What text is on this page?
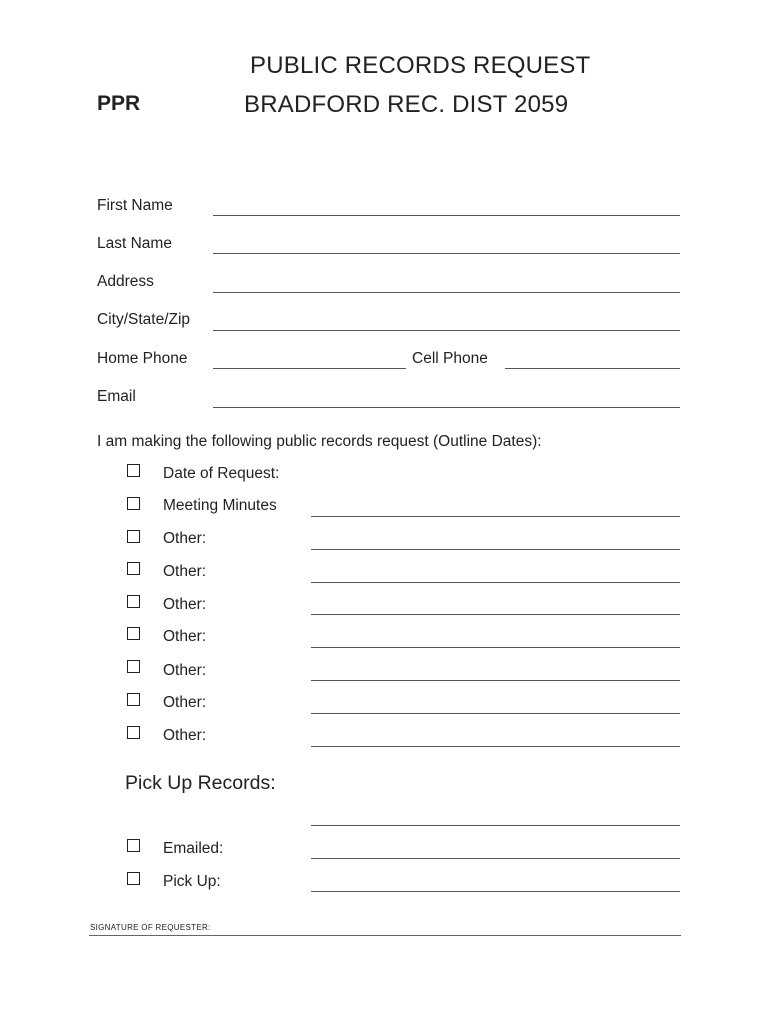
PUBLIC RECORDS REQUEST
PPR	BRADFORD REC. DIST 2059
First Name
Last Name
Address
City/State/Zip
Home Phone	Cell Phone
Email
I am making the following public records request (Outline Dates):
Date of Request:
Meeting Minutes
Other:
Other:
Other:
Other:
Other:
Other:
Other:
Pick Up Records:
Emailed:
Pick Up:
SIGNATURE OF REQUESTER:
